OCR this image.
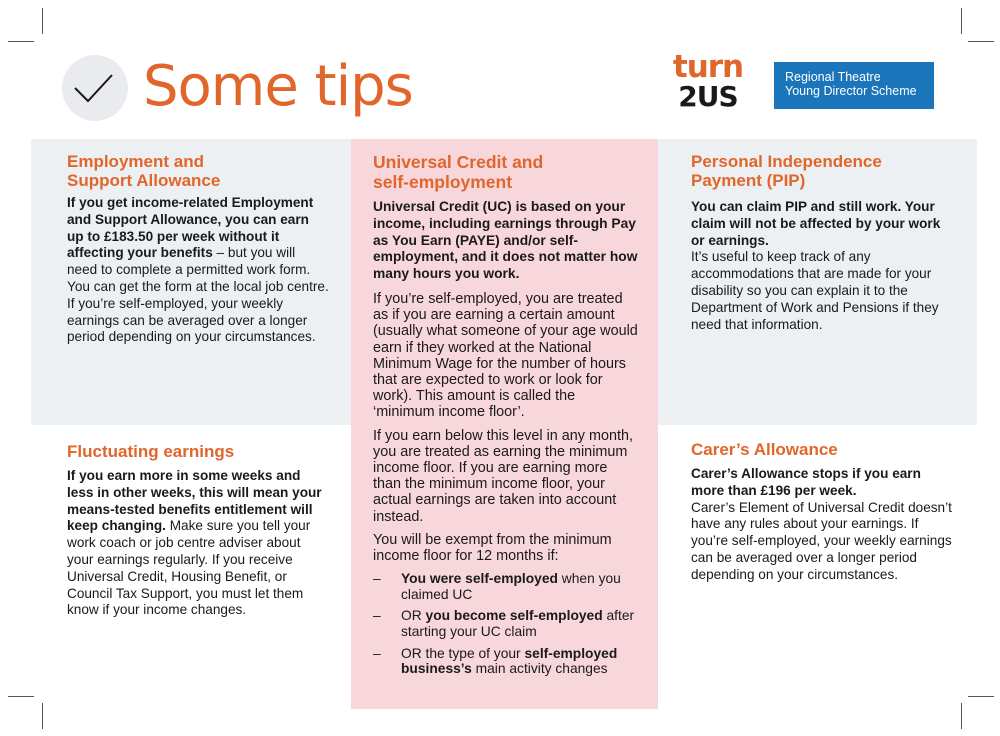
Some tips	turn
2US
Regional Theatre
Young Director Scheme
Employment and
Support Allowance

If you get income-related Employment and Support Allowance, you can earn up to £183.50 per week without it affecting your benefits – but you will need to complete a permitted work form. You can get the form at the local job centre. If you’re self-employed, your weekly earnings can be averaged over a longer period depending on your circumstances.

Fluctuating earnings

If you earn more in some weeks and less in other weeks, this will mean your means-tested benefits entitlement will keep changing. Make sure you tell your work coach or job centre adviser about your earnings regularly. If you receive Universal Credit, Housing Benefit, or Council Tax Support, you must let them know if your income changes.

Universal Credit and
self-employment

Universal Credit (UC) is based on your income, including earnings through Pay as You Earn (PAYE) and/or self-employment, and it does not matter how many hours you work.

If you’re self-employed, you are treated as if you are earning a certain amount (usually what someone of your age would earn if they worked at the National Minimum Wage for the number of hours that are expected to work or look for work). This amount is called the ‘minimum income floor’.

If you earn below this level in any month, you are treated as earning the minimum income floor. If you are earning more than the minimum income floor, your actual earnings are taken into account instead.

You will be exempt from the minimum income floor for 12 months if:

–	You were self-employed when you claimed UC
–	OR you become self-employed after starting your UC claim
–	OR the type of your self-employed business’s main activity changes
Personal Independence
Payment (PIP)

You can claim PIP and still work. Your claim will not be affected by your work or earnings.

It’s useful to keep track of any accommodations that are made for your disability so you can explain it to the Department of Work and Pensions if they need that information.

Carer’s Allowance

Carer’s Allowance stops if you earn more than £196 per week.

Carer’s Element of Universal Credit doesn’t have any rules about your earnings. If you’re self-employed, your weekly earnings can be averaged over a longer period depending on your circumstances.
